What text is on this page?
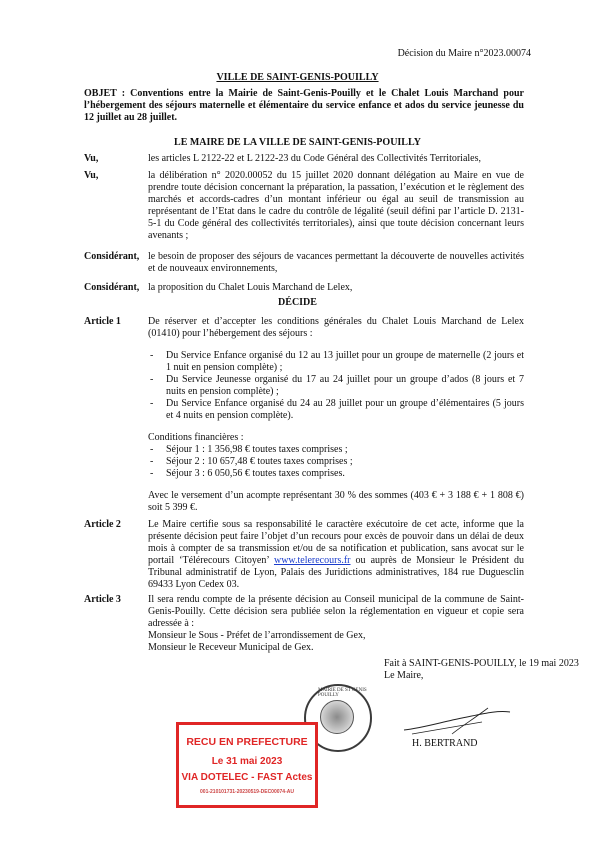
Décision du Maire n°2023.00074
VILLE DE SAINT-GENIS-POUILLY
OBJET : Conventions entre la Mairie de Saint-Genis-Pouilly et le Chalet Louis Marchand pour l’hébergement des séjours maternelle et élémentaire du service enfance et ados du service jeunesse du 12 juillet au 28 juillet.
LE MAIRE DE LA VILLE DE SAINT-GENIS-POUILLY
Vu,	les articles L 2122-22 et L 2122-23 du Code Général des Collectivités Territoriales,
Vu,	la délibération n° 2020.00052 du 15 juillet 2020 donnant délégation au Maire en vue de prendre toute décision concernant la préparation, la passation, l’exécution et le règlement des marchés et accords-cadres d’un montant inférieur ou égal au seuil de transmission au représentant de l’Etat dans le cadre du contrôle de légalité (seuil défini par l’article D. 2131-5-1 du Code général des collectivités territoriales), ainsi que toute décision concernant leurs avenants ;
Considérant, le besoin de proposer des séjours de vacances permettant la découverte de nouvelles activités et de nouveaux environnements,
Considérant, la proposition du Chalet Louis Marchand de Lelex,
DÉCIDE
Article 1	De réserver et d’accepter les conditions générales du Chalet Louis Marchand de Lelex (01410) pour l’hébergement des séjours :
- Du Service Enfance organisé du 12 au 13 juillet pour un groupe de maternelle (2 jours et 1 nuit en pension complète) ;
- Du Service Jeunesse organisé du 17 au 24 juillet pour un groupe d’ados (8 jours et 7 nuits en pension complète) ;
- Du Service Enfance organisé du 24 au 28 juillet pour un groupe d’élémentaires (5 jours et 4 nuits en pension complète).
Conditions financières :
- Séjour 1 : 1 356,98 € toutes taxes comprises ;
- Séjour 2 : 10 657,48 € toutes taxes comprises ;
- Séjour 3 : 6 050,56 € toutes taxes comprises.
Avec le versement d’un acompte représentant 30 % des sommes (403 € + 3 188 € + 1 808 €) soit 5 399 €.
Article 2	Le Maire certifie sous sa responsabilité le caractère exécutoire de cet acte, informe que la présente décision peut faire l’objet d’un recours pour excès de pouvoir dans un délai de deux mois à compter de sa transmission et/ou de sa notification et publication, sans avocat sur le portail ‘Télérecours Citoyen’ www.telerecours.fr ou auprès de Monsieur le Président du Tribunal administratif de Lyon, Palais des Juridictions administratives, 184 rue Duguesclin 69433 Lyon Cedex 03.
Article 3	Il sera rendu compte de la présente décision au Conseil municipal de la commune de Saint-Genis-Pouilly. Cette décision sera publiée selon la réglementation en vigueur et copie sera adressée à :
Monsieur le Sous - Préfet de l’arrondissement de Gex,
Monsieur le Receveur Municipal de Gex.
Fait à SAINT-GENIS-POUILLY, le 19 mai 2023
Le Maire,
MAIRIE DE ST GENIS POUILLY
H. BERTRAND
RECU EN PREFECTURE
Le 31 mai 2023
VIA DOTELEC - FAST Actes
001-210101731-20230519-DEC00074-AU
